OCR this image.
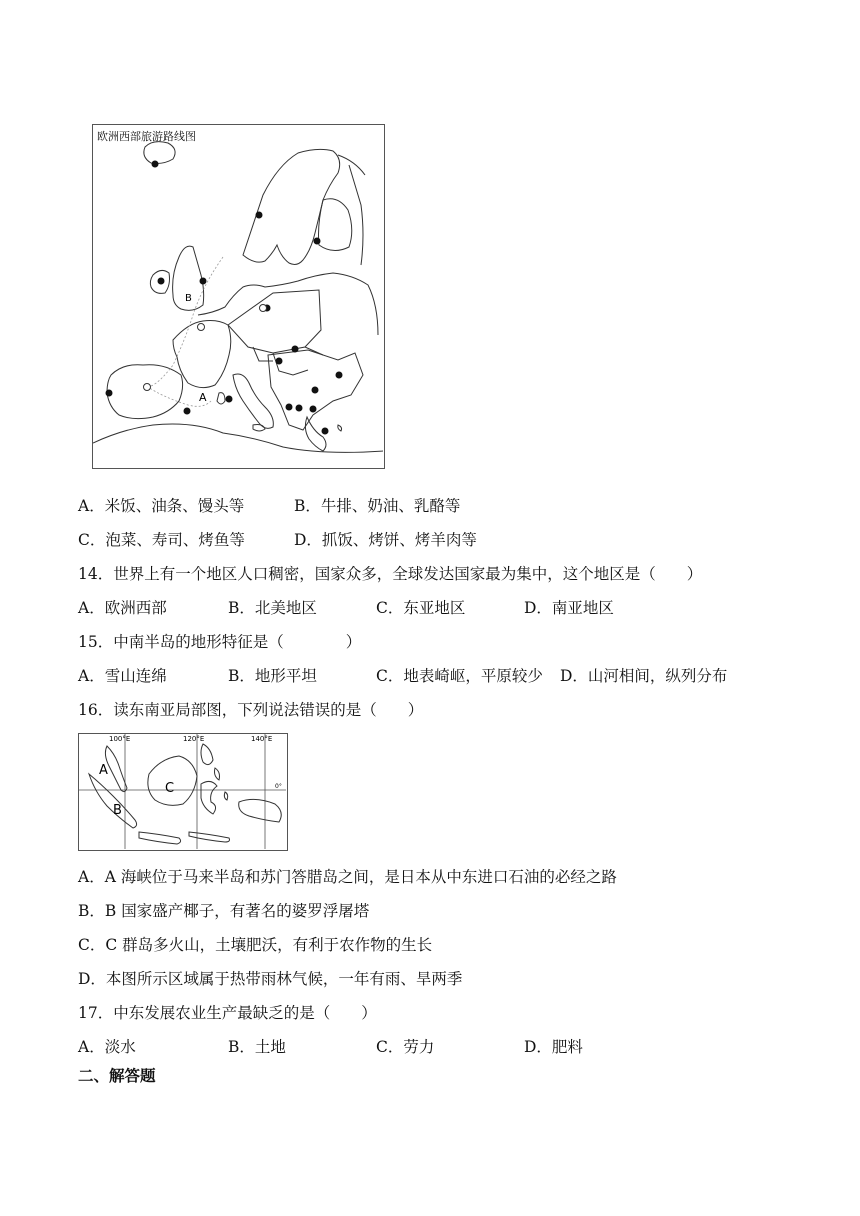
欧洲西部旅游路线图
A
B
A．米饭、油条、馒头等	B．牛排、奶油、乳酪等
C．泡菜、寿司、烤鱼等	D．抓饭、烤饼、烤羊肉等
14．世界上有一个地区人口稠密，国家众多，全球发达国家最为集中，这个地区是（　　）
A．欧洲西部	B．北美地区	C．东亚地区	D．南亚地区
15．中南半岛的地形特征是（　　　　）
A．雪山连绵	B．地形平坦	C．地表崎岖，平原较少 D．山河相间，纵列分布
16．读东南亚局部图，下列说法错误的是（　　）
100°E	120°E	140°E
0°
A
B
C
A．A 海峡位于马来半岛和苏门答腊岛之间，是日本从中东进口石油的必经之路
B．B 国家盛产椰子，有著名的婆罗浮屠塔
C．C 群岛多火山，土壤肥沃，有利于农作物的生长
D．本图所示区域属于热带雨林气候，一年有雨、旱两季
17．中东发展农业生产最缺乏的是（　　）
A．淡水	B．土地	C．劳力	D．肥料
二、解答题
